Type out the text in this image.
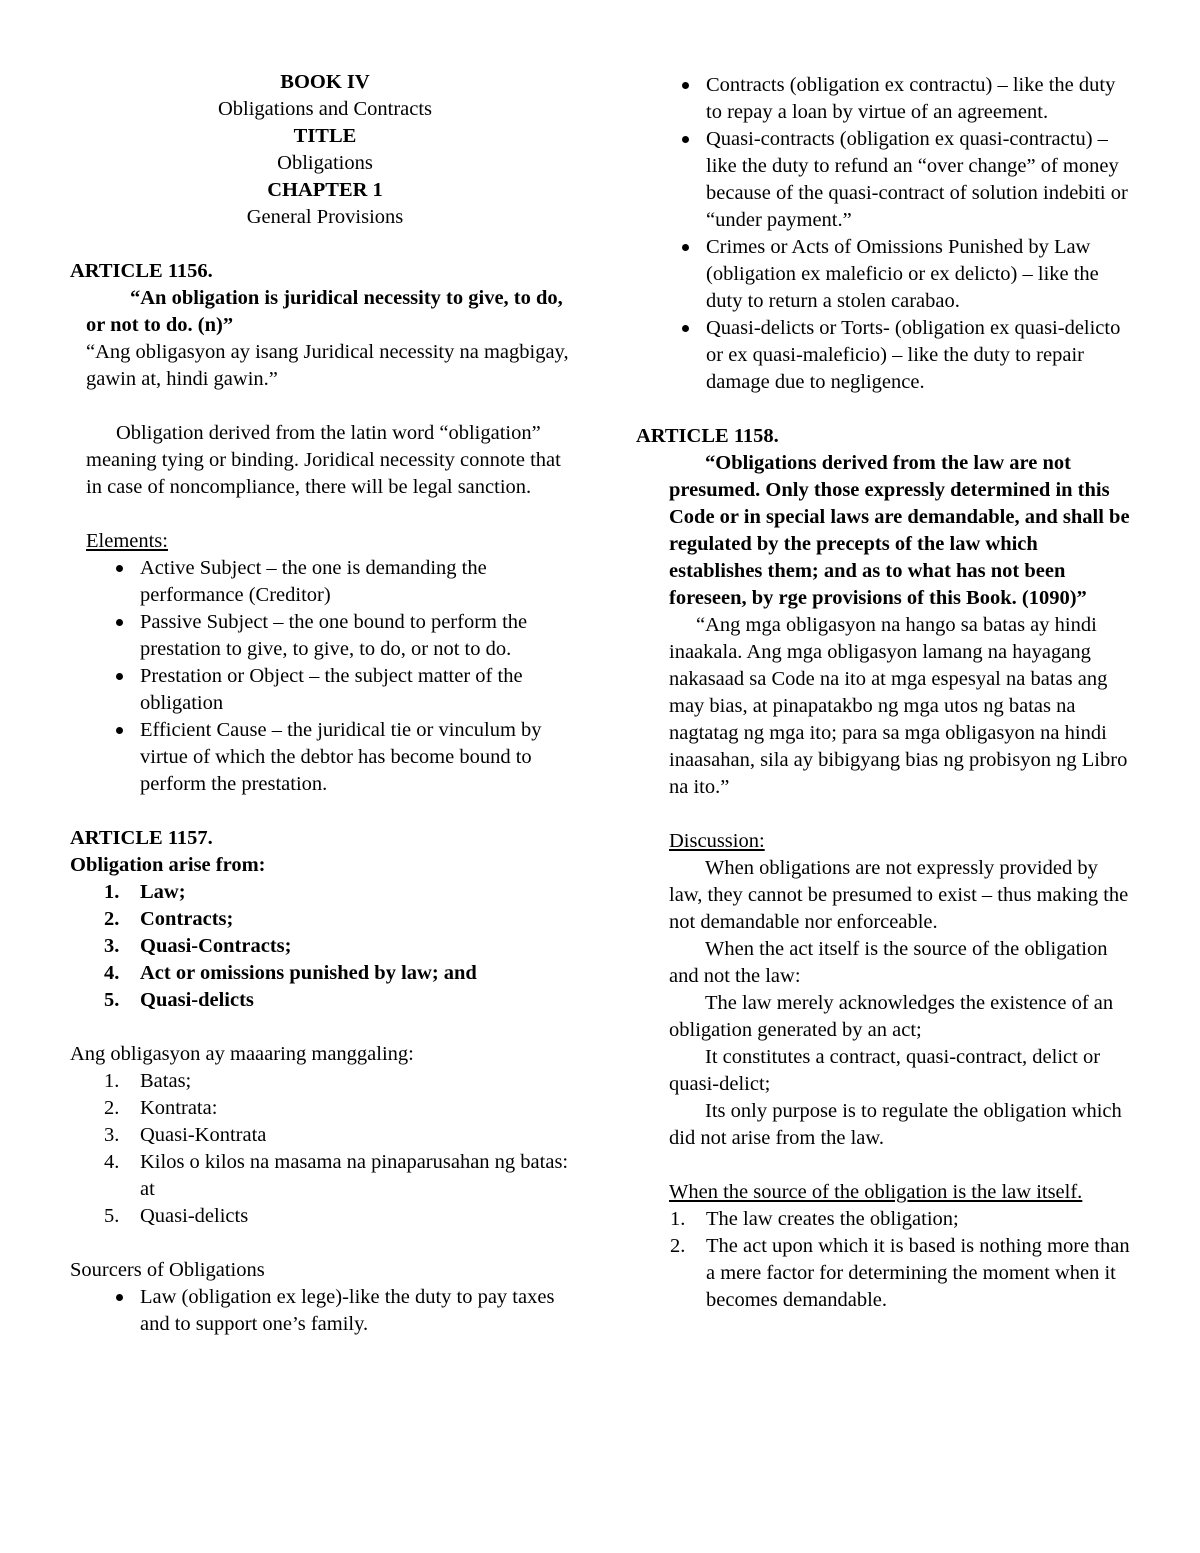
BOOK IV
Obligations and Contracts
TITLE
Obligations
CHAPTER 1
General Provisions
ARTICLE 1156.
“An obligation is juridical necessity to give, to do, or not to do. (n)”
“Ang obligasyon ay isang Juridical necessity na magbigay, gawin at, hindi gawin.”
Obligation derived from the latin word “obligation” meaning tying or binding. Joridical necessity connote that in case of noncompliance, there will be legal sanction.
Elements:
Active Subject – the one is demanding the performance (Creditor)
Passive Subject – the one bound to perform the prestation to give, to give, to do, or not to do.
Prestation or Object – the subject matter of the obligation
Efficient Cause – the juridical tie or vinculum by virtue of which the debtor has become bound to perform the prestation.
ARTICLE 1157.
Obligation arise from:
1. Law;
2. Contracts;
3. Quasi-Contracts;
4. Act or omissions punished by law; and
5. Quasi-delicts
Ang obligasyon ay maaaring manggaling:
1. Batas;
2. Kontrata:
3. Quasi-Kontrata
4. Kilos o kilos na masama na pinaparusahan ng batas: at
5. Quasi-delicts
Sourcers of Obligations
Law (obligation ex lege)-like the duty to pay taxes and to support one’s family.
Contracts (obligation ex contractu) – like the duty to repay a loan by virtue of an agreement.
Quasi-contracts (obligation ex quasi-contractu) – like the duty to refund an “over change” of money because of the quasi-contract of solution indebiti or “under payment.”
Crimes or Acts of Omissions Punished by Law (obligation ex maleficio or ex delicto) – like the duty to return a stolen carabao.
Quasi-delicts or Torts- (obligation ex quasi-delicto or ex quasi-maleficio) – like the duty to repair damage due to negligence.
ARTICLE 1158.
“Obligations derived from the law are not presumed. Only those expressly determined in this Code or in special laws are demandable, and shall be regulated by the precepts of the law which establishes them; and as to what has not been foreseen, by rge provisions of this Book. (1090)”
“Ang mga obligasyon na hango sa batas ay hindi inaakala. Ang mga obligasyon lamang na hayagang nakasaad sa Code na ito at mga espesyal na batas ang may bias, at pinapatakbo ng mga utos ng batas na nagtatag ng mga ito; para sa mga obligasyon na hindi inaasahan, sila ay bibigyang bias ng probisyon ng Libro na ito.”
Discussion:
When obligations are not expressly provided by law, they cannot be presumed to exist – thus making the not demandable nor enforceable.
When the act itself is the source of the obligation and not the law:
The law merely acknowledges the existence of an obligation generated by an act;
It constitutes a contract, quasi-contract, delict or quasi-delict;
Its only purpose is to regulate the obligation which did not arise from the law.
When the source of the obligation is the law itself.
1. The law creates the obligation;
2. The act upon which it is based is nothing more than a mere factor for determining the moment when it becomes demandable.
